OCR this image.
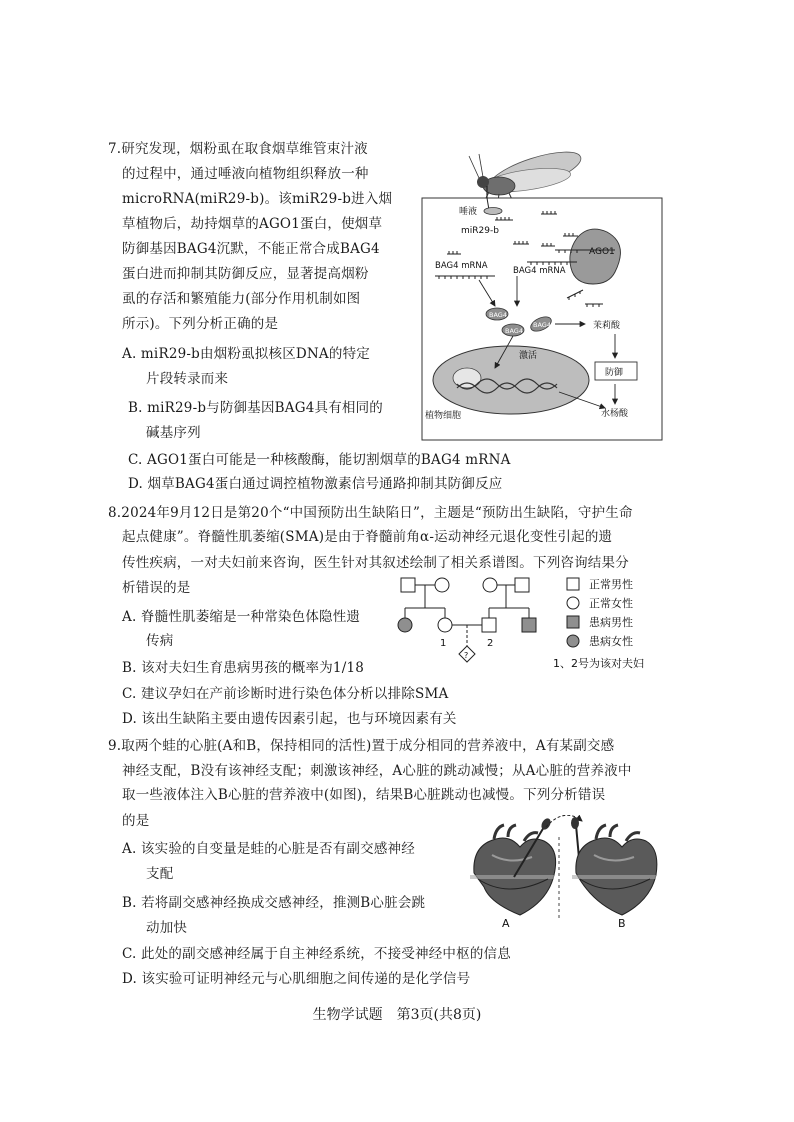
7.研究发现，烟粉虱在取食烟草维管束汁液
的过程中，通过唾液向植物组织释放一种
microRNA(miR29-b)。该miR29-b进入烟
草植物后，劫持烟草的AGO1蛋白，使烟草
防御基因BAG4沉默，不能正常合成BAG4
蛋白进而抑制其防御反应，显著提高烟粉
虱的存活和繁殖能力(部分作用机制如图
所示)。下列分析正确的是
A. miR29-b由烟粉虱拟核区DNA的特定
片段转录而来
B. miR29-b与防御基因BAG4具有相同的
碱基序列
C. AGO1蛋白可能是一种核酸酶，能切割烟草的BAG4 mRNA
D. 烟草BAG4蛋白通过调控植物激素信号通路抑制其防御反应
唾液
miR29-b
AGO1
BAG4 mRNA	BAG4 mRNA
BAG4
BAG4
BAG4	茉莉酸
防御
激活
水杨酸
植物细胞
8.2024年9月12日是第20个“中国预防出生缺陷日”，主题是“预防出生缺陷，守护生命
起点健康”。脊髓性肌萎缩(SMA)是由于脊髓前角α-运动神经元退化变性引起的遗
传性疾病，一对夫妇前来咨询，医生针对其叙述绘制了相关系谱图。下列咨询结果分
析错误的是
A. 脊髓性肌萎缩是一种常染色体隐性遗
传病
B. 该对夫妇生育患病男孩的概率为1/18
C. 建议孕妇在产前诊断时进行染色体分析以排除SMA
D. 该出生缺陷主要由遗传因素引起，也与环境因素有关
1	2
?
正常男性
正常女性
患病男性
患病女性
1、2号为该对夫妇
9.取两个蛙的心脏(A和B，保持相同的活性)置于成分相同的营养液中，A有某副交感
神经支配，B没有该神经支配；刺激该神经，A心脏的跳动减慢；从A心脏的营养液中
取一些液体注入B心脏的营养液中(如图)，结果B心脏跳动也减慢。下列分析错误
的是
A. 该实验的自变量是蛙的心脏是否有副交感神经
支配
B. 若将副交感神经换成交感神经，推测B心脏会跳
动加快
C. 此处的副交感神经属于自主神经系统，不接受神经中枢的信息
D. 该实验可证明神经元与心肌细胞之间传递的是化学信号
A	B
生物学试题　第3页(共8页)
